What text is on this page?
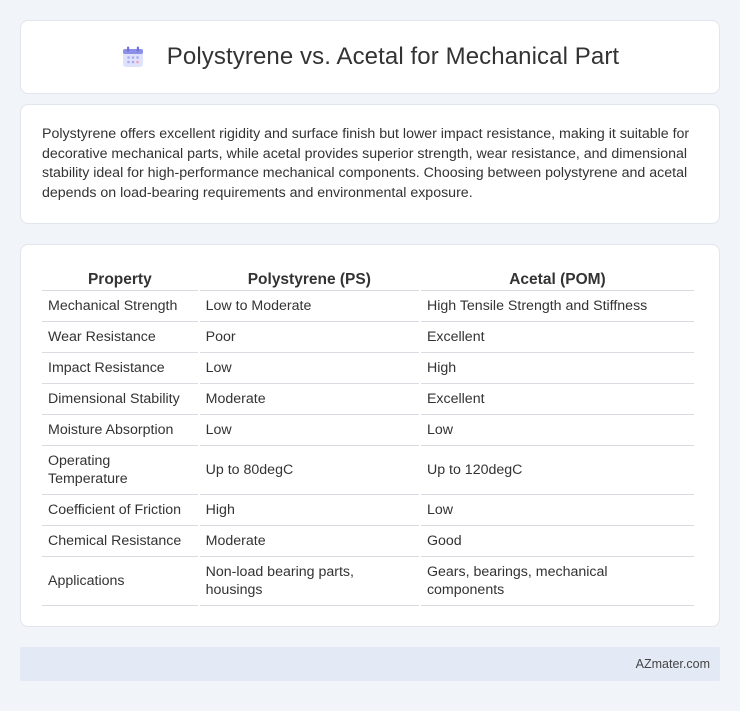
Polystyrene vs. Acetal for Mechanical Part

Polystyrene offers excellent rigidity and surface finish but lower impact resistance, making it suitable for decorative mechanical parts, while acetal provides superior strength, wear resistance, and dimensional stability ideal for high-performance mechanical components. Choosing between polystyrene and acetal depends on load-bearing requirements and environmental exposure.

Property	Polystyrene (PS)	Acetal (POM)
Mechanical Strength	Low to Moderate	High Tensile Strength and Stiffness
Wear Resistance	Poor	Excellent
Impact Resistance	Low	High
Dimensional Stability	Moderate	Excellent
Moisture Absorption	Low	Low
Operating Temperature	Up to 80degC	Up to 120degC
Coefficient of Friction	High	Low
Chemical Resistance	Moderate	Good
Applications	Non-load bearing parts, housings	Gears, bearings, mechanical components
AZmater.com
